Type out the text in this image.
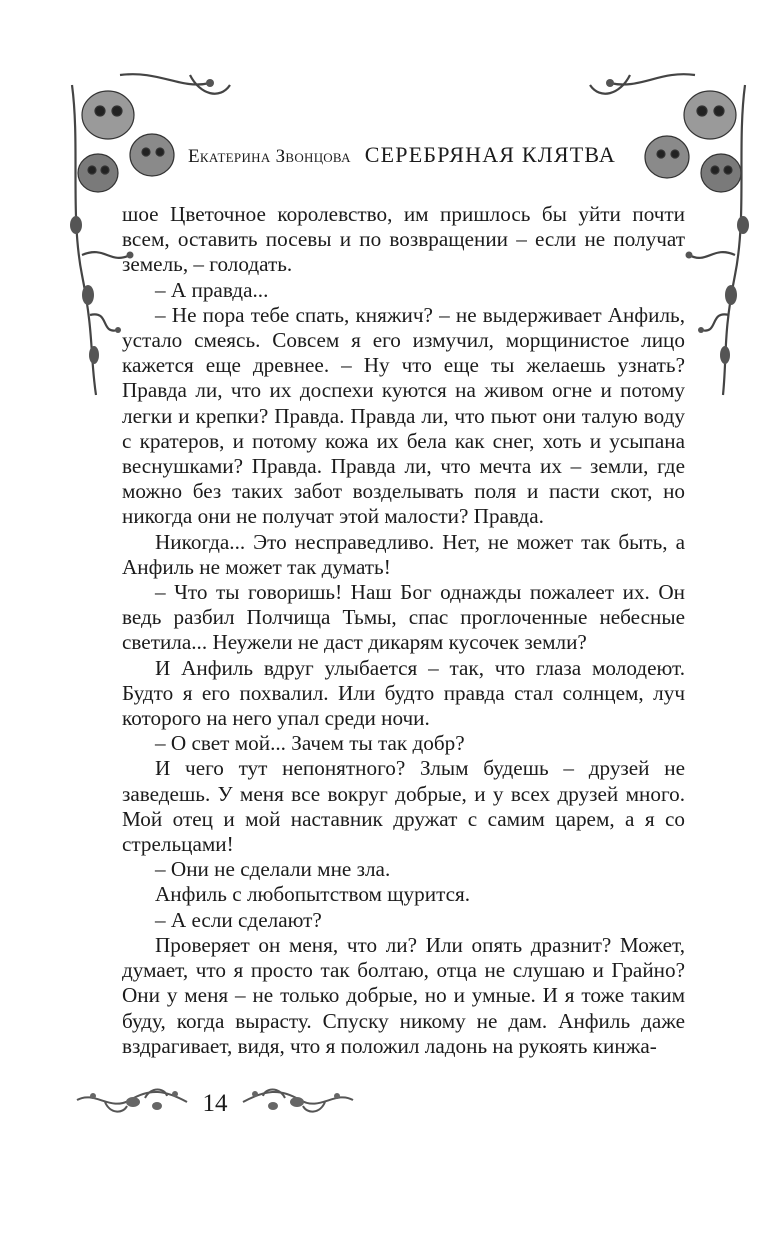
Екатерина Звонцова СЕРЕБРЯНАЯ КЛЯТВА

шое Цветочное королевство, им пришлось бы уйти почти всем, оставить посевы и по возвращении – если не получат земель, – голодать.

– А правда...

– Не пора тебе спать, княжич? – не выдерживает Анфиль, устало смеясь. Совсем я его измучил, морщинистое лицо кажется еще древнее. – Ну что еще ты желаешь узнать? Правда ли, что их доспехи куются на живом огне и потому легки и крепки? Правда. Правда ли, что пьют они талую воду с кратеров, и потому кожа их бела как снег, хоть и усыпана веснушками? Правда. Правда ли, что мечта их – земли, где можно без таких забот возделывать поля и пасти скот, но никогда они не получат этой малости? Правда.

Никогда... Это несправедливо. Нет, не может так быть, а Анфиль не может так думать!

– Что ты говоришь! Наш Бог однажды пожалеет их. Он ведь разбил Полчища Тьмы, спас проглоченные небесные светила... Неужели не даст дикарям кусочек земли?

И Анфиль вдруг улыбается – так, что глаза молодеют. Будто я его похвалил. Или будто правда стал солнцем, луч которого на него упал среди ночи.

– О свет мой... Зачем ты так добр?

И чего тут непонятного? Злым будешь – друзей не заведешь. У меня все вокруг добрые, и у всех друзей много. Мой отец и мой наставник дружат с самим царем, а я со стрельцами!

– Они не сделали мне зла.

Анфиль с любопытством щурится.

– А если сделают?

Проверяет он меня, что ли? Или опять дразнит? Может, думает, что я просто так болтаю, отца не слушаю и Грайно? Они у меня – не только добрые, но и умные. И я тоже таким буду, когда вырасту. Спуску никому не дам. Анфиль даже вздрагивает, видя, что я положил ладонь на рукоять кинжа-

14
